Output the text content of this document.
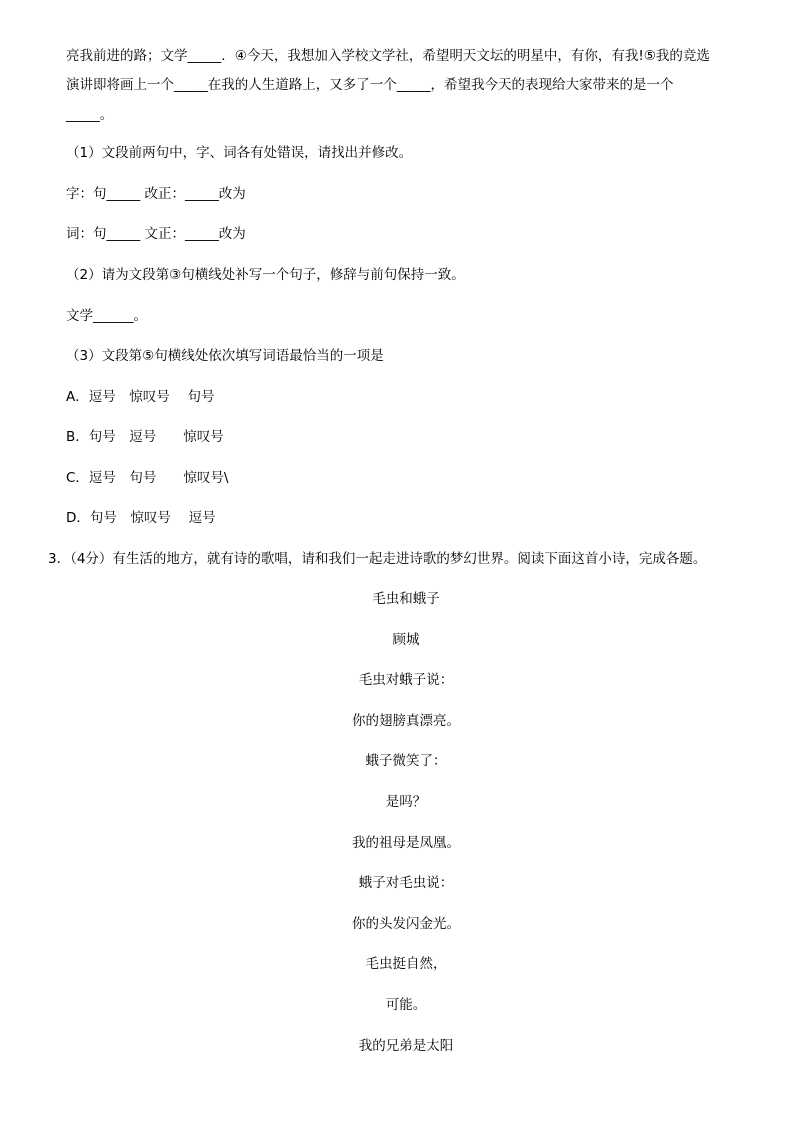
亮我前进的路；文学_____．④今天，我想加入学校文学社，希望明天文坛的明星中，有你，有我!⑤我的竞选
演讲即将画上一个_____在我的人生道路上，又多了一个_____，希望我今天的表现给大家带来的是一个
_____。
（1）文段前两句中，字、词各有处错误，请找出并修改。
字：句_____ 改正：_____改为
词：句_____ 文正：_____改为
（2）请为文段第③句横线处补写一个句子，修辞与前句保持一致。
文学______。
（3）文段第⑤句横线处依次填写词语最恰当的一项是
A．逗号　惊叹号　 句号
B．句号　逗号　　惊叹号
C．逗号　句号　　惊叹号\
D．句号　惊叹号　 逗号
3．（4分）有生活的地方，就有诗的歌唱，请和我们一起走进诗歌的梦幻世界。阅读下面这首小诗，完成各题。
毛虫和蛾子
顾城
毛虫对蛾子说：
你的翅膀真漂亮。
蛾子微笑了：
是吗？
我的祖母是凤凰。
蛾子对毛虫说：
你的头发闪金光。
毛虫挺自然，
可能。
我的兄弟是太阳
